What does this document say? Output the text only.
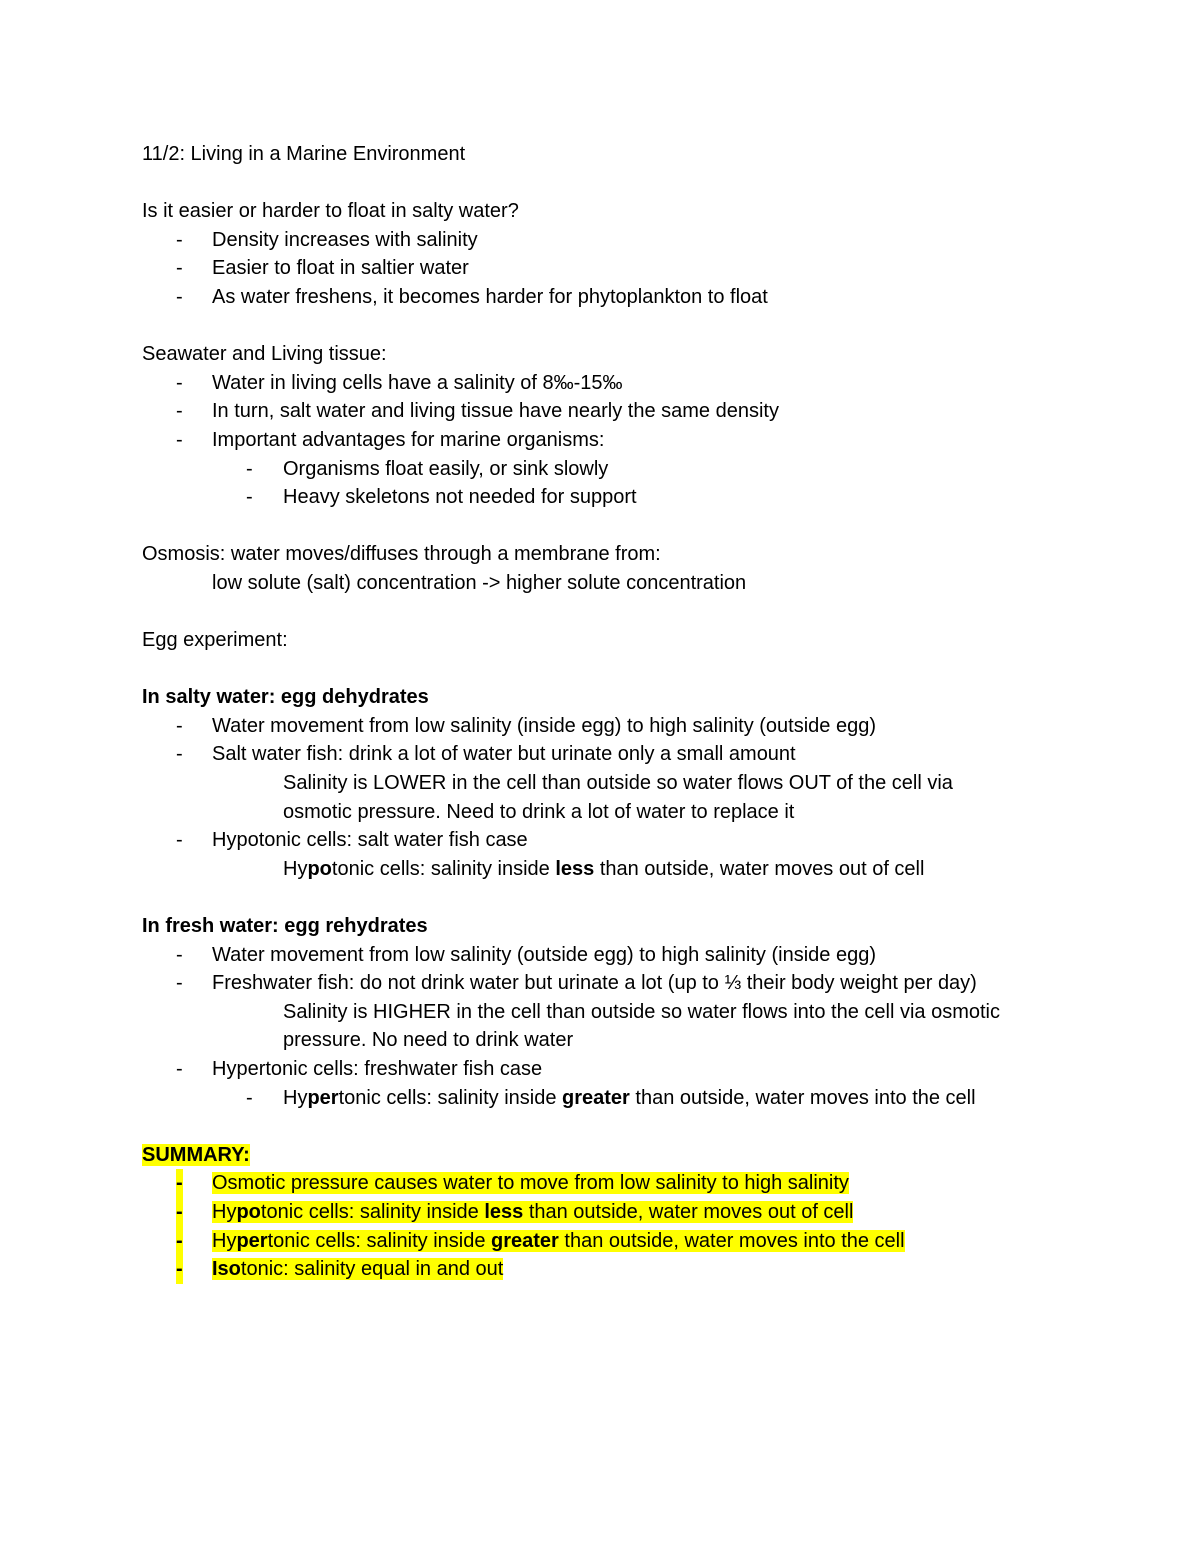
11/2: Living in a Marine Environment
Is it easier or harder to float in salty water?
- Density increases with salinity
- Easier to float in saltier water
- As water freshens, it becomes harder for phytoplankton to float
Seawater and Living tissue:
- Water in living cells have a salinity of 8‰-15‰
- In turn, salt water and living tissue have nearly the same density
- Important advantages for marine organisms:
- Organisms float easily, or sink slowly
- Heavy skeletons not needed for support
Osmosis: water moves/diffuses through a membrane from:
low solute (salt) concentration -> higher solute concentration
Egg experiment:
In salty water: egg dehydrates
- Water movement from low salinity (inside egg) to high salinity (outside egg)
- Salt water fish: drink a lot of water but urinate only a small amount
Salinity is LOWER in the cell than outside so water flows OUT of the cell via
osmotic pressure. Need to drink a lot of water to replace it
- Hypotonic cells: salt water fish case
Hypotonic cells: salinity inside less than outside, water moves out of cell
In fresh water: egg rehydrates
- Water movement from low salinity (outside egg) to high salinity (inside egg)
- Freshwater fish: do not drink water but urinate a lot (up to ⅓ their body weight per day)
Salinity is HIGHER in the cell than outside so water flows into the cell via osmotic
pressure. No need to drink water
- Hypertonic cells: freshwater fish case
- Hypertonic cells: salinity inside greater than outside, water moves into the cell
SUMMARY:
- Osmotic pressure causes water to move from low salinity to high salinity
- Hypotonic cells: salinity inside less than outside, water moves out of cell
- Hypertonic cells: salinity inside greater than outside, water moves into the cell
- Isotonic: salinity equal in and out
